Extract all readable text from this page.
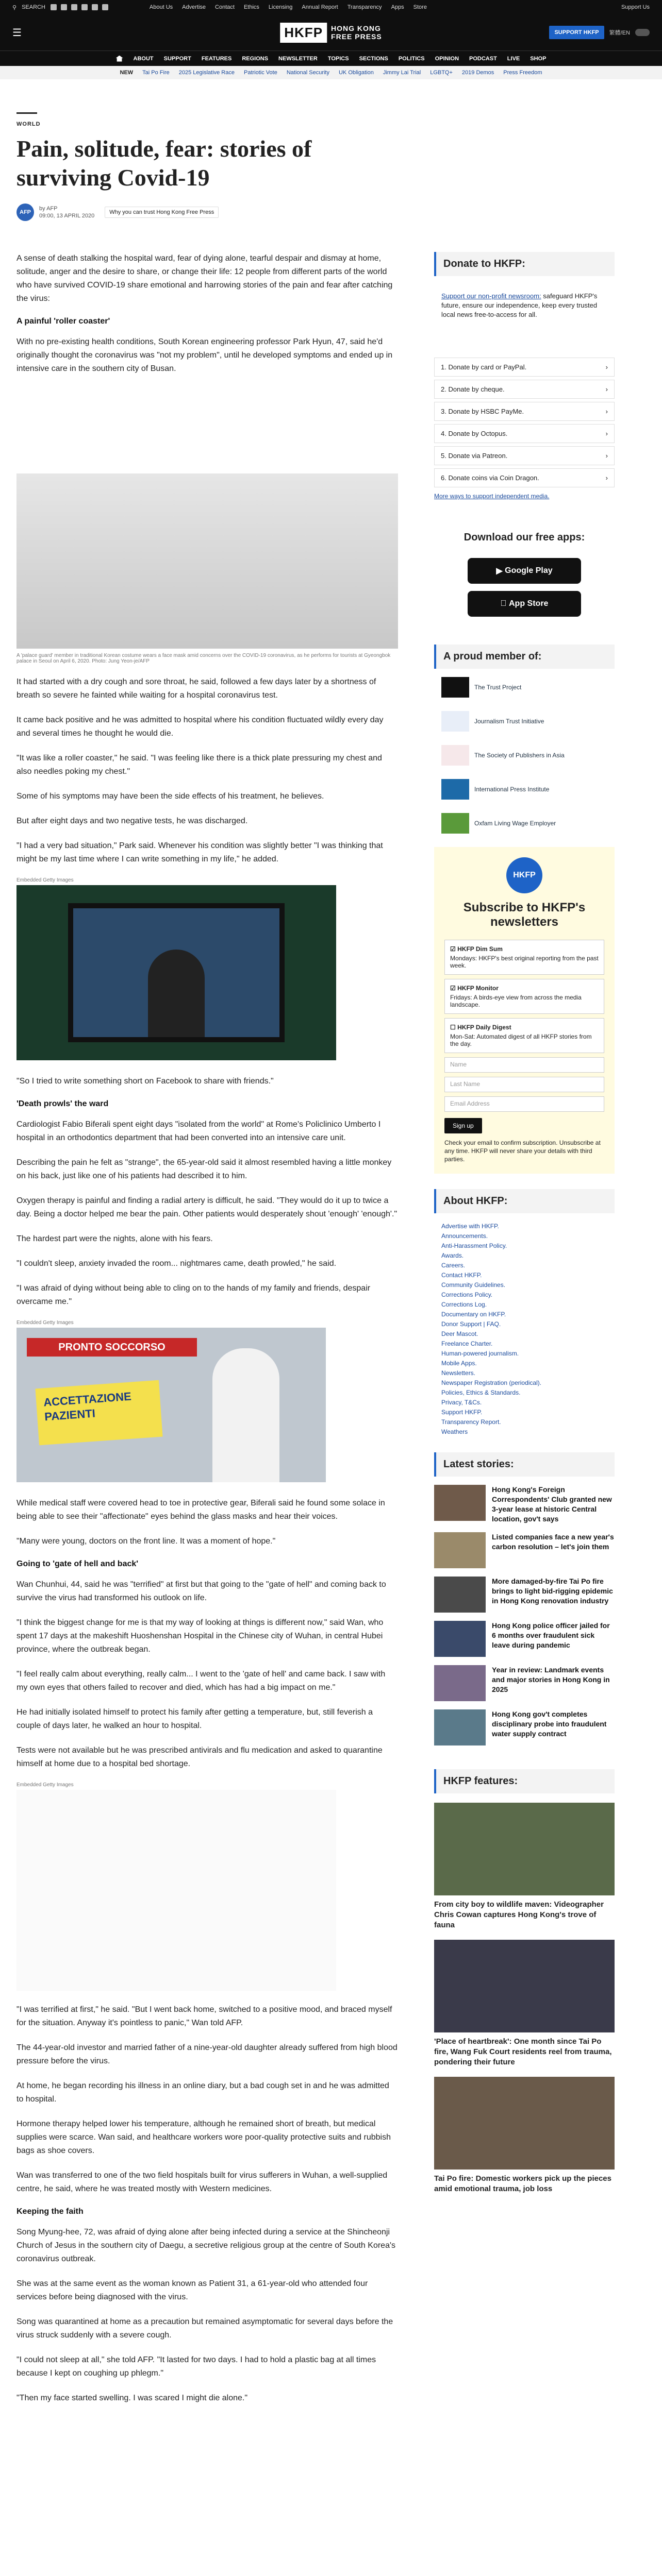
⚲ SEARCH	About Us Advertise Contact Ethics Licensing Annual Report Transparency Apps Store	Support Us
☰	HKFP	HONG KONG
FREE PRESS	SUPPORT HKFP	繁體/EN
ABOUT SUPPORT FEATURES REGIONS NEWSLETTER TOPICS SECTIONS POLITICS OPINION PODCAST LIVE SHOP
NEW Tai Po Fire 2025 Legislative Race Patriotic Vote National Security UK Obligation Jimmy Lai Trial LGBTQ+ 2019 Demos Press Freedom
WORLD
Pain, solitude, fear: stories of surviving Covid-19
AFP
by AFP
09:00, 13 APRIL 2020
Why you can trust Hong Kong Free Press

A sense of death stalking the hospital ward, fear of dying alone, tearful despair and dismay at home, solitude, anger and the desire to share, or change their life: 12 people from different parts of the world who have survived COVID-19 share emotional and harrowing stories of the pain and fear after catching the virus:

A painful 'roller coaster'

With no pre-existing health conditions, South Korean engineering professor Park Hyun, 47, said he'd originally thought the coronavirus was "not my problem", until he developed symptoms and ended up in intensive care in the southern city of Busan.

A 'palace guard' member in traditional Korean costume wears a face mask amid concerns over the COVID-19 coronavirus, as he performs for tourists at Gyeongbok palace in Seoul on April 6, 2020. Photo: Jung Yeon-je/AFP

It had started with a dry cough and sore throat, he said, followed a few days later by a shortness of breath so severe he fainted while waiting for a hospital coronavirus test.

It came back positive and he was admitted to hospital where his condition fluctuated wildly every day and several times he thought he would die.

"It was like a roller coaster," he said. "I was feeling like there is a thick plate pressuring my chest and also needles poking my chest."

Some of his symptoms may have been the side effects of his treatment, he believes.

But after eight days and two negative tests, he was discharged.

"I had a very bad situation," Park said. Whenever his condition was slightly better "I was thinking that might be my last time where I can write something in my life," he added.

Embedded Getty Images

"So I tried to write something short on Facebook to share with friends."

'Death prowls' the ward

Cardiologist Fabio Biferali spent eight days "isolated from the world" at Rome's Policlinico Umberto I hospital in an orthodontics department that had been converted into an intensive care unit.

Describing the pain he felt as "strange", the 65-year-old said it almost resembled having a little monkey on his back, just like one of his patients had described it to him.

Oxygen therapy is painful and finding a radial artery is difficult, he said. "They would do it up to twice a day. Being a doctor helped me bear the pain. Other patients would desperately shout 'enough' 'enough'."

The hardest part were the nights, alone with his fears.

"I couldn't sleep, anxiety invaded the room... nightmares came, death prowled," he said.

"I was afraid of dying without being able to cling on to the hands of my family and friends, despair overcame me."

Embedded Getty Images
PRONTO SOCCORSO
ACCETTAZIONE PAZIENTI

While medical staff were covered head to toe in protective gear, Biferali said he found some solace in being able to see their "affectionate" eyes behind the glass masks and hear their voices.

"Many were young, doctors on the front line. It was a moment of hope."

Going to 'gate of hell and back'

Wan Chunhui, 44, said he was "terrified" at first but that going to the "gate of hell" and coming back to survive the virus had transformed his outlook on life.

"I think the biggest change for me is that my way of looking at things is different now," said Wan, who spent 17 days at the makeshift Huoshenshan Hospital in the Chinese city of Wuhan, in central Hubei province, where the outbreak began.

"I feel really calm about everything, really calm... I went to the 'gate of hell' and came back. I saw with my own eyes that others failed to recover and died, which has had a big impact on me."

He had initially isolated himself to protect his family after getting a temperature, but, still feverish a couple of days later, he walked an hour to hospital.

Tests were not available but he was prescribed antivirals and flu medication and asked to quarantine himself at home due to a hospital bed shortage.

Embedded Getty Images

"I was terrified at first," he said. "But I went back home, switched to a positive mood, and braced myself for the situation. Anyway it's pointless to panic," Wan told AFP.

The 44-year-old investor and married father of a nine-year-old daughter already suffered from high blood pressure before the virus.

At home, he began recording his illness in an online diary, but a bad cough set in and he was admitted to hospital.

Hormone therapy helped lower his temperature, although he remained short of breath, but medical supplies were scarce. Wan said, and healthcare workers wore poor-quality protective suits and rubbish bags as shoe covers.

Wan was transferred to one of the two field hospitals built for virus sufferers in Wuhan, a well-supplied centre, he said, where he was treated mostly with Western medicines.

Keeping the faith

Song Myung-hee, 72, was afraid of dying alone after being infected during a service at the Shincheonji Church of Jesus in the southern city of Daegu, a secretive religious group at the centre of South Korea's coronavirus outbreak.

She was at the same event as the woman known as Patient 31, a 61-year-old who attended four services before being diagnosed with the virus.

Song was quarantined at home as a precaution but remained asymptomatic for several days before the virus struck suddenly with a severe cough.

"I could not sleep at all," she told AFP. "It lasted for two days. I had to hold a plastic bag at all times because I kept on coughing up phlegm."

"Then my face started swelling. I was scared I might die alone."

Donate to HKFP:
Support our non-profit newsroom: safeguard HKFP's future, ensure our independence, keep every trusted local news free-to-access for all.
1. Donate by card or PayPal.	›
2. Donate by cheque.	›
3. Donate by HSBC PayMe.	›
4. Donate by Octopus.	›
5. Donate via Patreon.	›
6. Donate coins via Coin Dragon.	›
More ways to support independent media.
Download our free apps:
▶ Google Play
App Store
A proud member of:
The Trust Project
Journalism Trust Initiative
The Society of Publishers in Asia
International Press Institute
Oxfam Living Wage Employer
HKFP
Subscribe to HKFP's newsletters
☑ HKFP Dim Sum
Mondays: HKFP's best original reporting from the past week.
☑ HKFP Monitor
Fridays: A birds-eye view from across the media landscape.
☐ HKFP Daily Digest
Mon-Sat: Automated digest of all HKFP stories from the day.
Name
Last Name
Email Address
Sign up
Check your email to confirm subscription. Unsubscribe at any time. HKFP will never share your details with third parties.
About HKFP:
Advertise with HKFP.
Announcements.
Anti-Harassment Policy.
Awards.
Careers.
Contact HKFP.
Community Guidelines.
Corrections Policy.
Corrections Log.
Documentary on HKFP.
Donor Support | FAQ.
Deer Mascot.
Freelance Charter.
Human-powered journalism.
Mobile Apps.
Newsletters.
Newspaper Registration (periodical).
Policies, Ethics & Standards.
Privacy, T&Cs.
Support HKFP.
Transparency Report.
Weathers
Latest stories:
Hong Kong's Foreign Correspondents' Club granted new 3-year lease at historic Central location, gov't says
Listed companies face a new year's carbon resolution – let's join them
More damaged-by-fire Tai Po fire brings to light bid-rigging epidemic in Hong Kong renovation industry
Hong Kong police officer jailed for 6 months over fraudulent sick leave during pandemic
Year in review: Landmark events and major stories in Hong Kong in 2025
Hong Kong gov't completes disciplinary probe into fraudulent water supply contract
HKFP features:
From city boy to wildlife maven: Videographer Chris Cowan captures Hong Kong's trove of fauna
'Place of heartbreak': One month since Tai Po fire, Wang Fuk Court residents reel from trauma, pondering their future
Tai Po fire: Domestic workers pick up the pieces amid emotional trauma, job loss
